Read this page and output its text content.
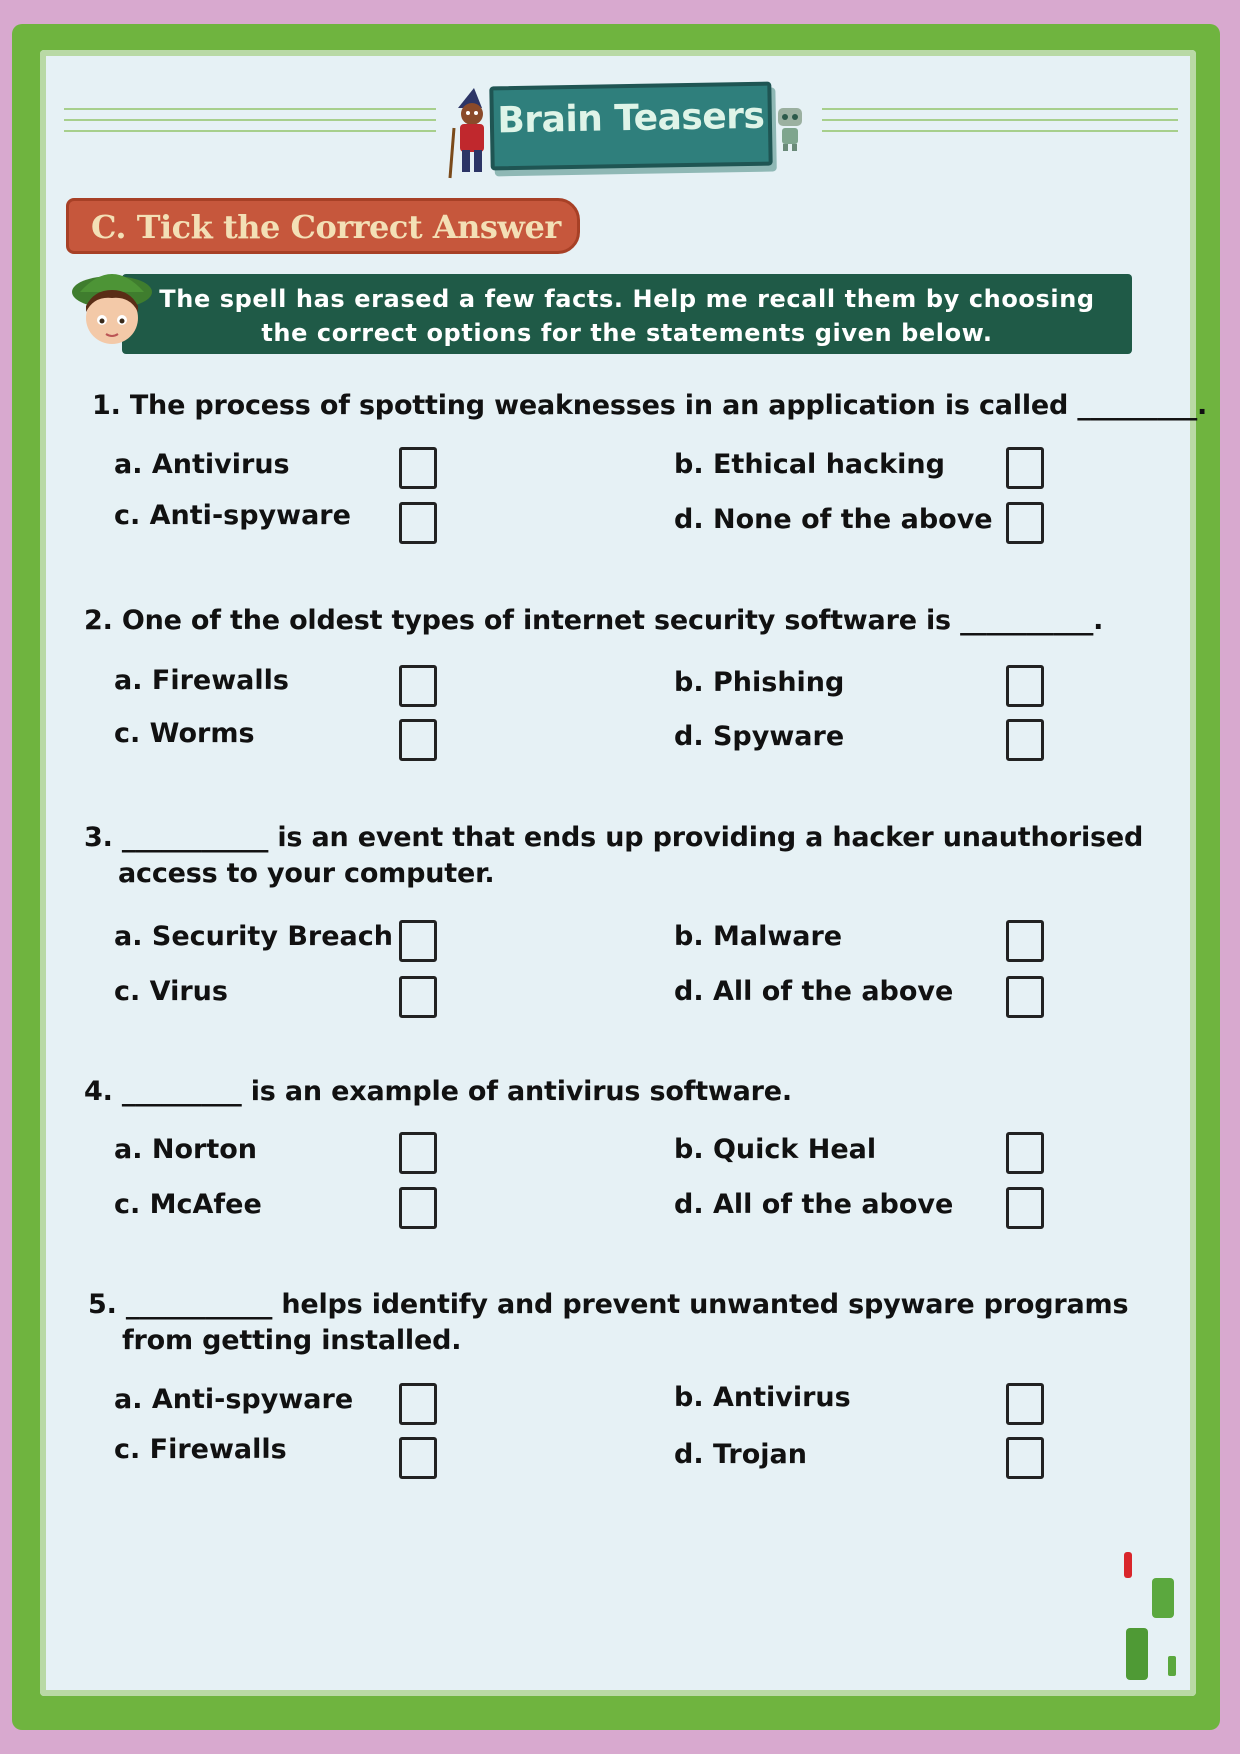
Brain Teasers
C. Tick the Correct Answer
The spell has erased a few facts. Help me recall them by choosing
the correct options for the statements given below.
1. The process of spotting weaknesses in an application is called _________.
a. Antivirus	b. Ethical hacking
c. Anti-spyware	d. None of the above
2. One of the oldest types of internet security software is __________.
a. Firewalls	b. Phishing
c. Worms	d. Spyware
3. ___________ is an event that ends up providing a hacker unauthorised
access to your computer.
a. Security Breach	b. Malware
c. Virus	d. All of the above
4. _________ is an example of antivirus software.
a. Norton	b. Quick Heal
c. McAfee	d. All of the above
5. ___________ helps identify and prevent unwanted spyware programs
from getting installed.
a. Anti-spyware	b. Antivirus
c. Firewalls	d. Trojan
